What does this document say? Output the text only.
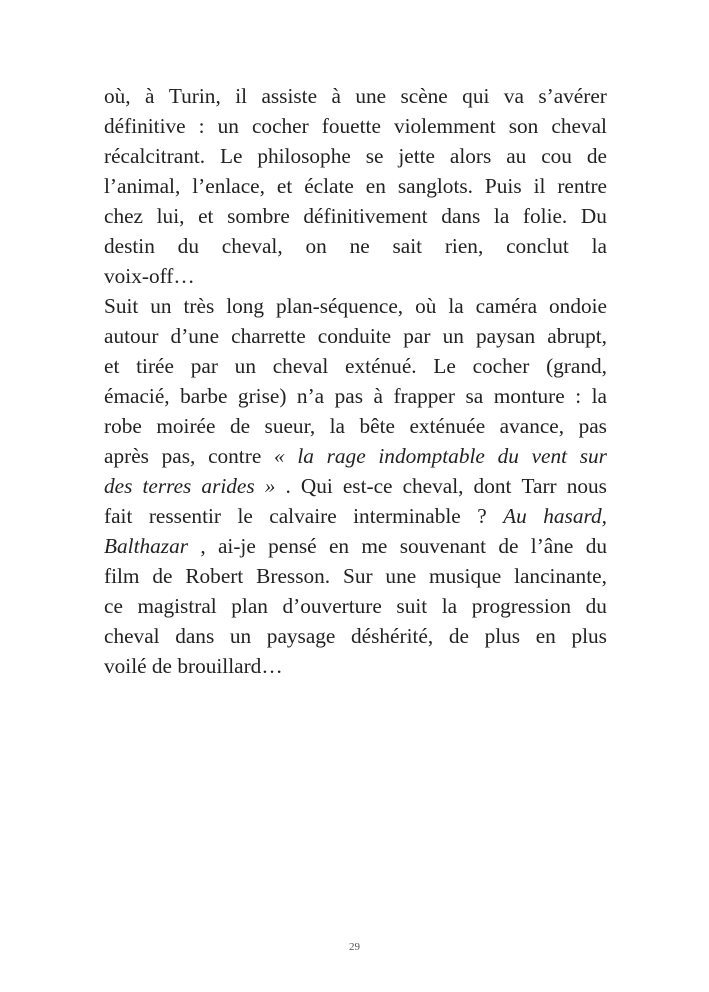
où, à Turin, il assiste à une scène qui va s’avérer
définitive : un cocher fouette violemment son cheval
récalcitrant. Le philosophe se jette alors au cou de
l’animal, l’enlace, et éclate en sanglots. Puis il rentre
chez lui, et sombre définitivement dans la folie. Du
destin du cheval, on ne sait rien, conclut la
voix-off…
Suit un très long plan-séquence, où la caméra ondoie
autour d’une charrette conduite par un paysan abrupt,
et tirée par un cheval exténué. Le cocher (grand,
émacié, barbe grise) n’a pas à frapper sa monture : la
robe moirée de sueur, la bête exténuée avance, pas
après pas, contre « la rage indomptable du vent sur
des terres arides » . Qui est-ce cheval, dont Tarr nous
fait ressentir le calvaire interminable ? Au hasard,
Balthazar , ai-je pensé en me souvenant de l’âne du
film de Robert Bresson. Sur une musique lancinante,
ce magistral plan d’ouverture suit la progression du
cheval dans un paysage déshérité, de plus en plus
voilé de brouillard…
29
